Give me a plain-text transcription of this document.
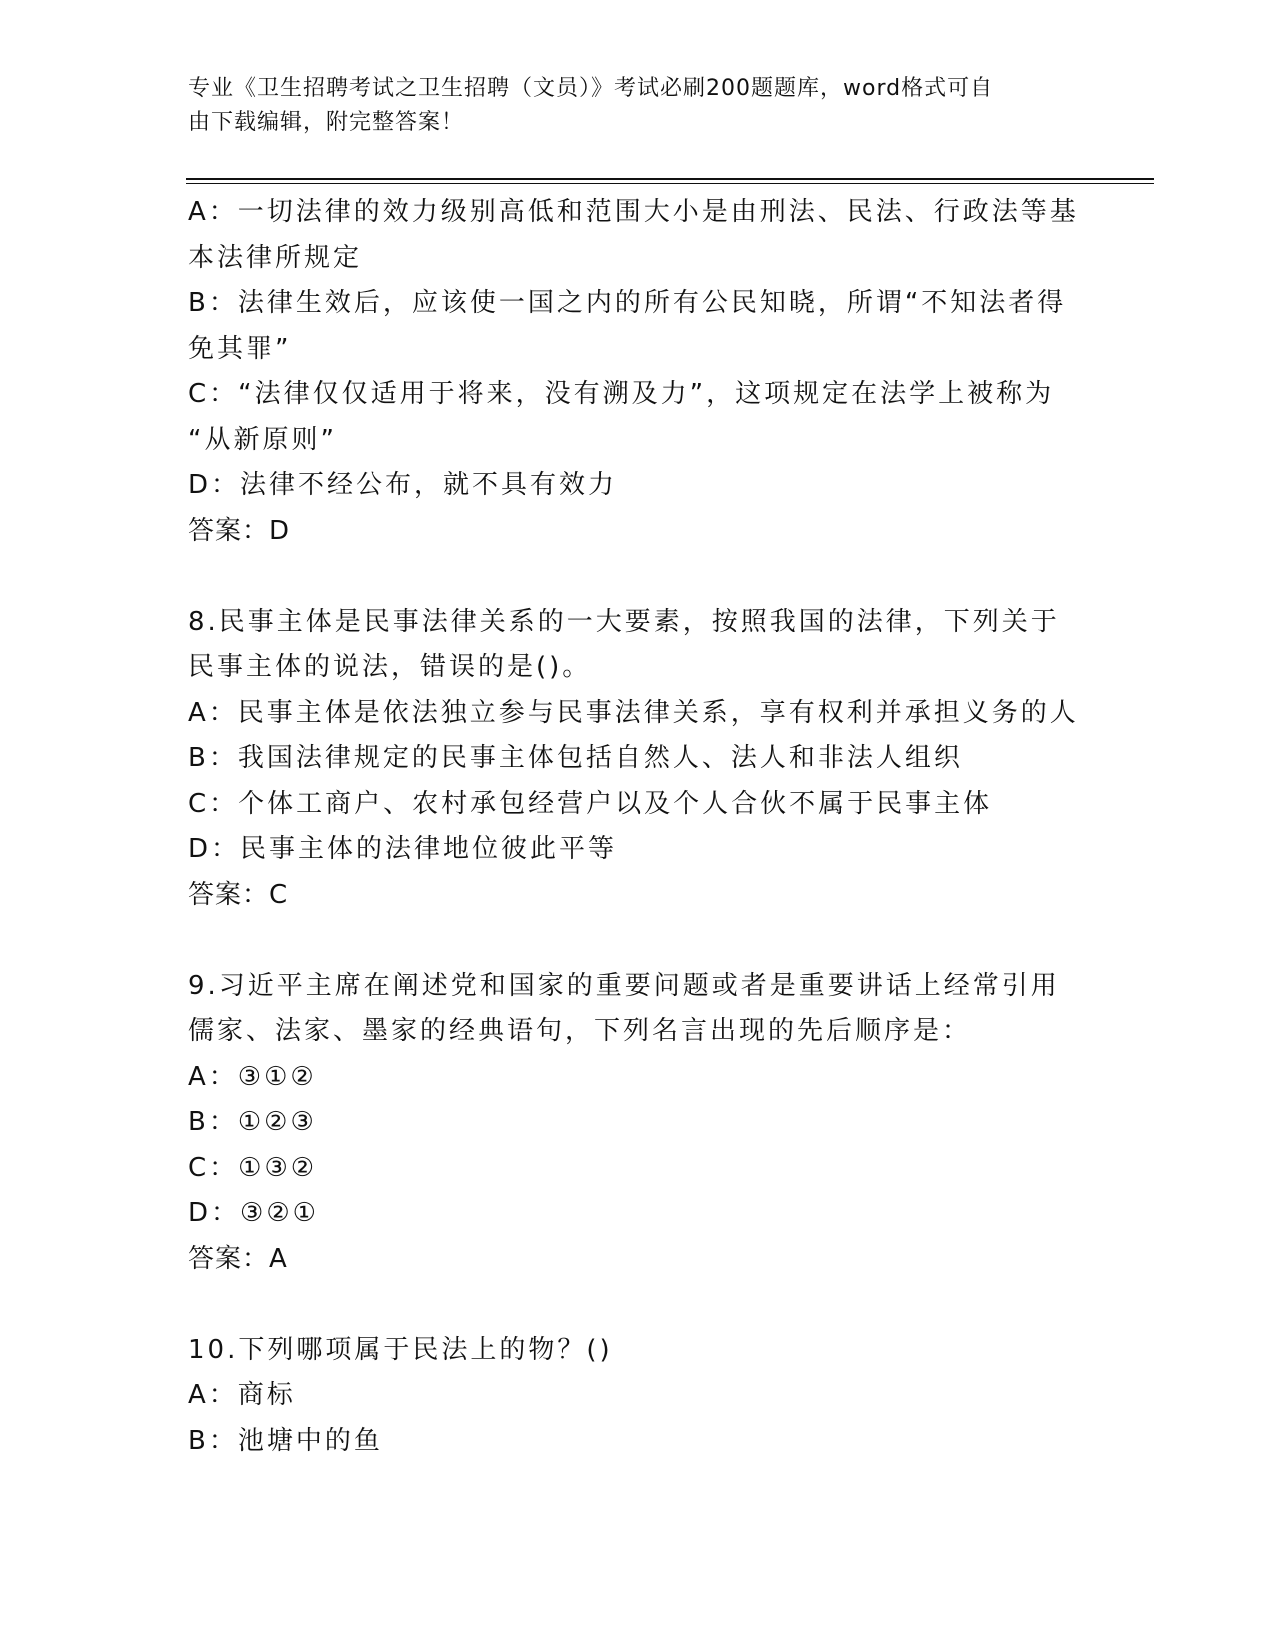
专业《卫生招聘考试之卫生招聘（文员）》考试必刷200题题库，word格式可自
由下载编辑，附完整答案！
A：一切法律的效力级别高低和范围大小是由刑法、民法、行政法等基
本法律所规定
B：法律生效后，应该使一国之内的所有公民知晓，所谓“不知法者得
免其罪”
C：“法律仅仅适用于将来，没有溯及力”，这项规定在法学上被称为
“从新原则”
D：法律不经公布，就不具有效力
答案：D
8.民事主体是民事法律关系的一大要素，按照我国的法律，下列关于
民事主体的说法，错误的是()。
A：民事主体是依法独立参与民事法律关系，享有权利并承担义务的人
B：我国法律规定的民事主体包括自然人、法人和非法人组织
C：个体工商户、农村承包经营户以及个人合伙不属于民事主体
D：民事主体的法律地位彼此平等
答案：C
9.习近平主席在阐述党和国家的重要问题或者是重要讲话上经常引用
儒家、法家、墨家的经典语句，下列名言出现的先后顺序是：
A：③①②
B：①②③
C：①③②
D：③②①
答案：A
10.下列哪项属于民法上的物？()
A：商标
B：池塘中的鱼
